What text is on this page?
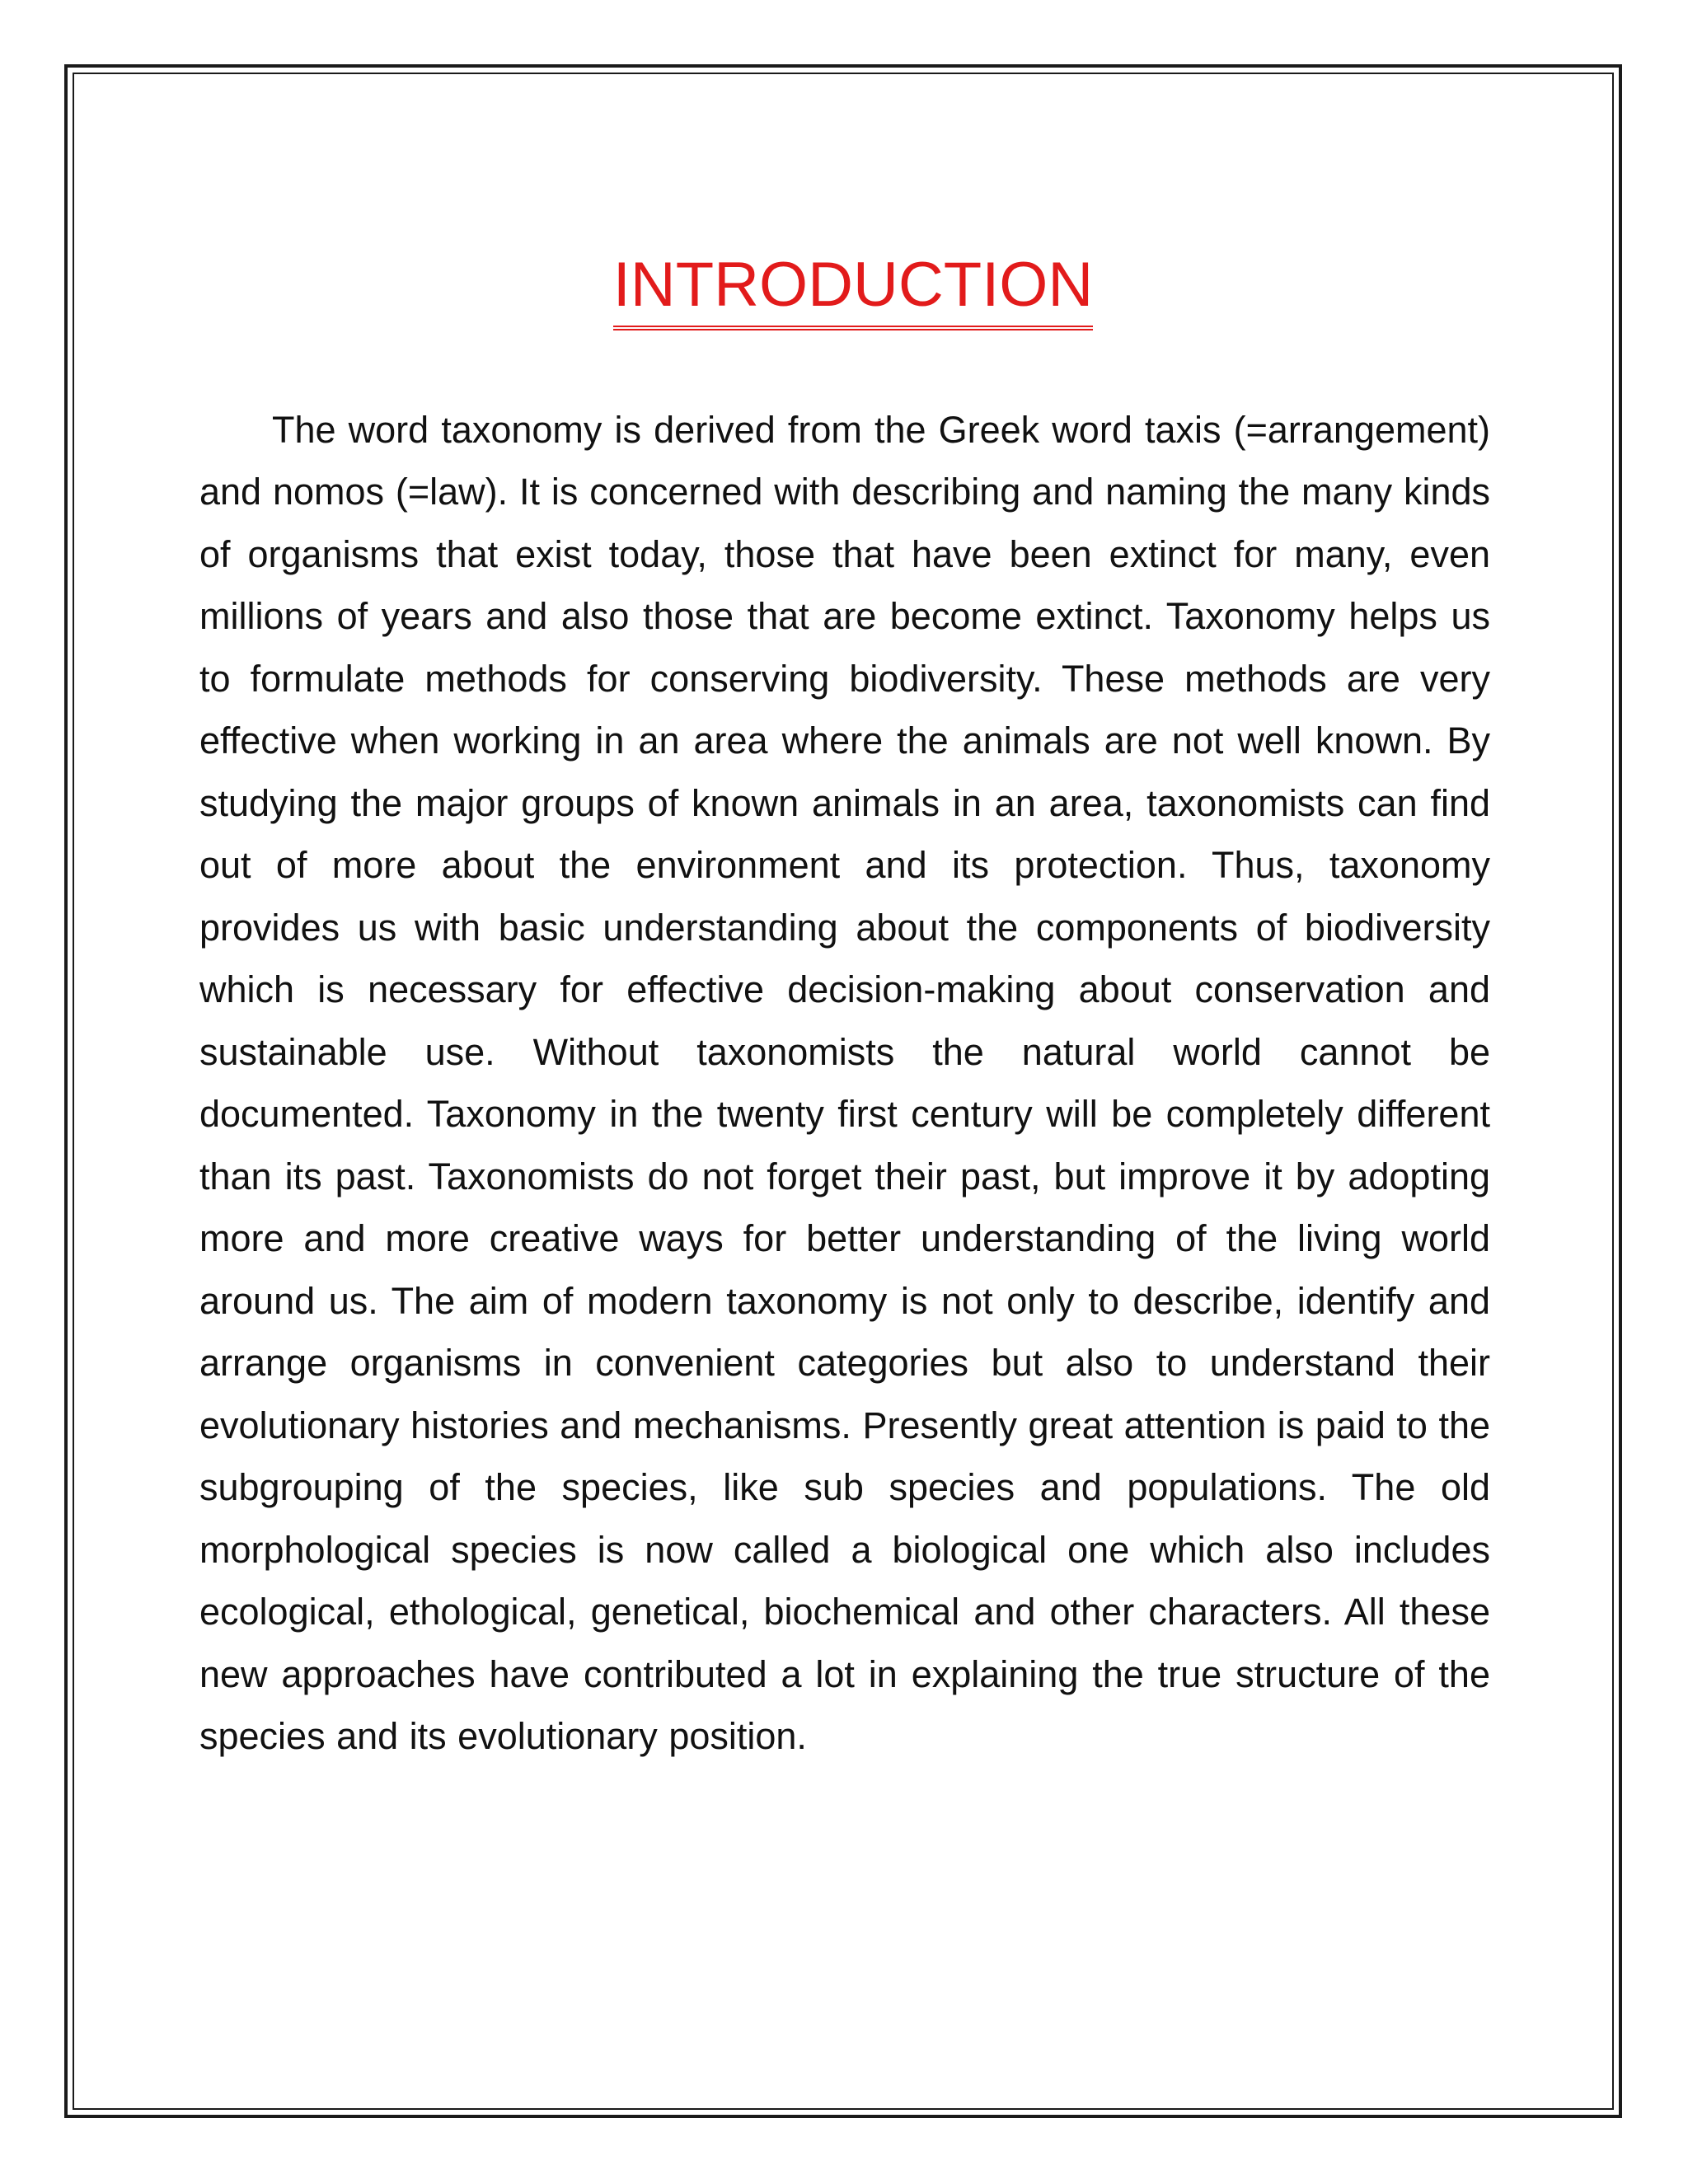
INTRODUCTION

The word taxonomy is derived from the Greek word taxis (=arrangement) and nomos (=law). It is concerned with describing and naming the many kinds of organisms that exist today, those that have been extinct for many, even millions of years and also those that are become extinct. Taxonomy helps us to formulate methods for conserving biodiversity. These methods are very effective when working in an area where the animals are not well known. By studying the major groups of known animals in an area, taxonomists can find out of more about the environment and its protection. Thus, taxonomy provides us with basic understanding about the components of biodiversity which is necessary for effective decision-making about conservation and sustainable use. Without taxonomists the natural world cannot be documented. Taxonomy in the twenty first century will be completely different than its past. Taxonomists do not forget their past, but improve it by adopting more and more creative ways for better understanding of the living world around us. The aim of modern taxonomy is not only to describe, identify and arrange organisms in convenient categories but also to understand their evolutionary histories and mechanisms. Presently great attention is paid to the subgrouping of the species, like sub species and populations. The old morphological species is now called a biological one which also includes ecological, ethological, genetical, biochemical and other characters. All these new approaches have contributed a lot in explaining the true structure of the species and its evolutionary position.
